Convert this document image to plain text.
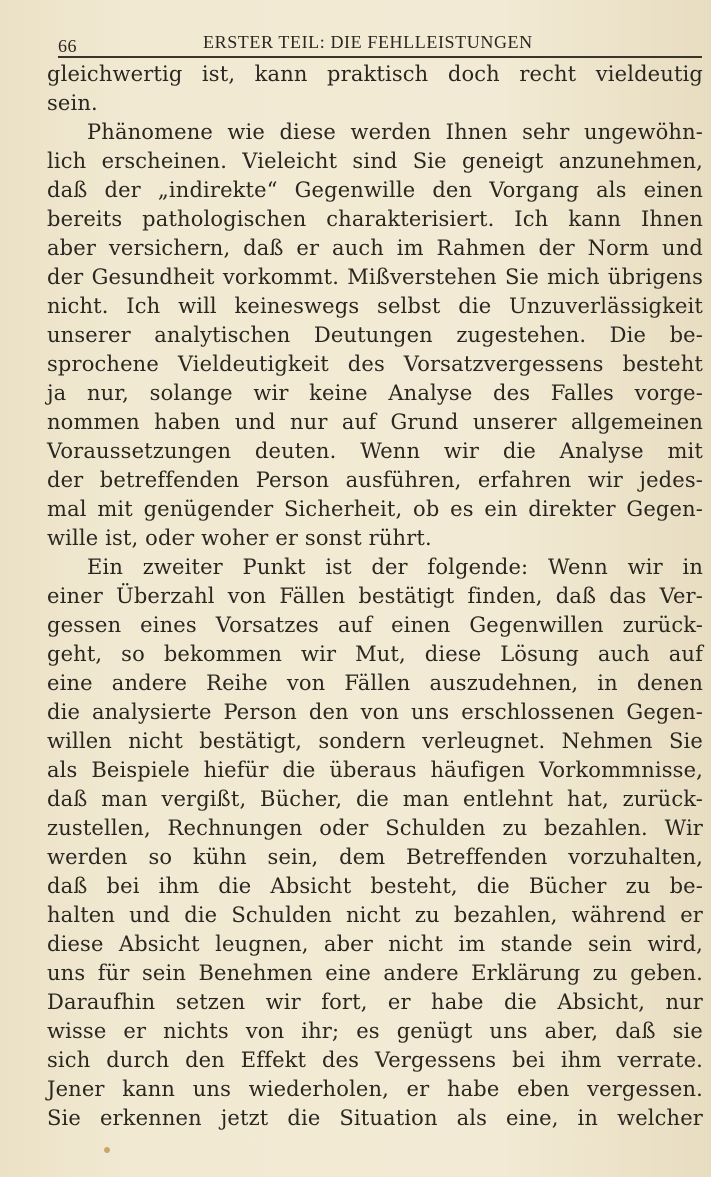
66	ERSTER TEIL: DIE FEHLLEISTUNGEN
gleichwertig ist, kann praktisch doch recht vieldeutig
sein.
Phänomene wie diese werden Ihnen sehr ungewöhn-
lich erscheinen. Vieleicht sind Sie geneigt anzunehmen,
daß der „indirekte“ Gegenwille den Vorgang als einen
bereits pathologischen charakterisiert. Ich kann Ihnen
aber versichern, daß er auch im Rahmen der Norm und
der Gesundheit vorkommt. Mißverstehen Sie mich übrigens
nicht. Ich will keineswegs selbst die Unzuverlässigkeit
unserer analytischen Deutungen zugestehen. Die be-
sprochene Vieldeutigkeit des Vorsatzvergessens besteht
ja nur, solange wir keine Analyse des Falles vorge-
nommen haben und nur auf Grund unserer allgemeinen
Voraussetzungen deuten. Wenn wir die Analyse mit
der betreffenden Person ausführen, erfahren wir jedes-
mal mit genügender Sicherheit, ob es ein direkter Gegen-
wille ist, oder woher er sonst rührt.
Ein zweiter Punkt ist der folgende: Wenn wir in
einer Überzahl von Fällen bestätigt finden, daß das Ver-
gessen eines Vorsatzes auf einen Gegenwillen zurück-
geht, so bekommen wir Mut, diese Lösung auch auf
eine andere Reihe von Fällen auszudehnen, in denen
die analysierte Person den von uns erschlossenen Gegen-
willen nicht bestätigt, sondern verleugnet. Nehmen Sie
als Beispiele hiefür die überaus häufigen Vorkommnisse,
daß man vergißt, Bücher, die man entlehnt hat, zurück-
zustellen, Rechnungen oder Schulden zu bezahlen. Wir
werden so kühn sein, dem Betreffenden vorzuhalten,
daß bei ihm die Absicht besteht, die Bücher zu be-
halten und die Schulden nicht zu bezahlen, während er
diese Absicht leugnen, aber nicht im stande sein wird,
uns für sein Benehmen eine andere Erklärung zu geben.
Daraufhin setzen wir fort, er habe die Absicht, nur
wisse er nichts von ihr; es genügt uns aber, daß sie
sich durch den Effekt des Vergessens bei ihm verrate.
Jener kann uns wiederholen, er habe eben vergessen.
Sie erkennen jetzt die Situation als eine, in welcher
